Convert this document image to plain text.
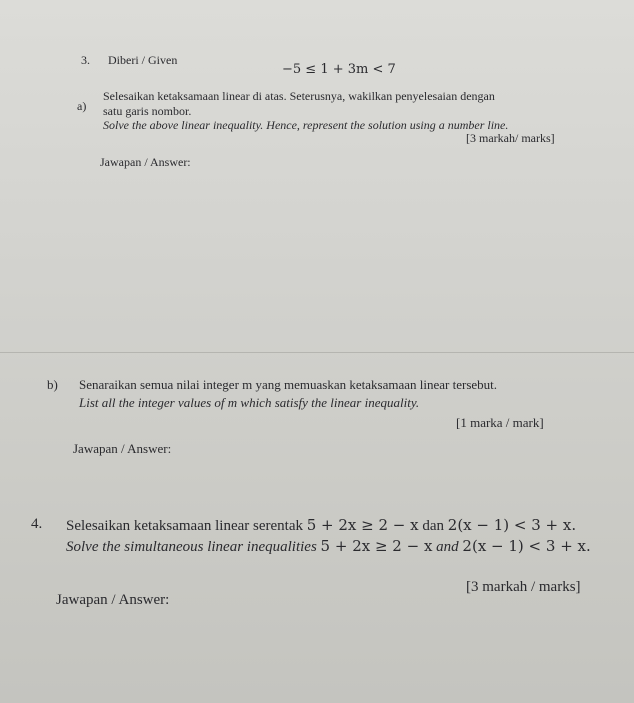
3. Diberi / Given
−5 ≤ 1 + 3m < 7
a)
Selesaikan ketaksamaan linear di atas. Seterusnya, wakilkan penyelesaian dengan
satu garis nombor.
Solve the above linear inequality. Hence, represent the solution using a number line.
[3 markah/ marks]
Jawapan / Answer:
b) Senaraikan semua nilai integer m yang memuaskan ketaksamaan linear tersebut.
List all the integer values of m which satisfy the linear inequality.
[1 marka / mark]
Jawapan / Answer:
4. Selesaikan ketaksamaan linear serentak 5 + 2x ≥ 2 − x dan 2(x − 1) < 3 + x.
Solve the simultaneous linear inequalities 5 + 2x ≥ 2 − x and 2(x − 1) < 3 + x.
[3 markah / marks]
Jawapan / Answer:
